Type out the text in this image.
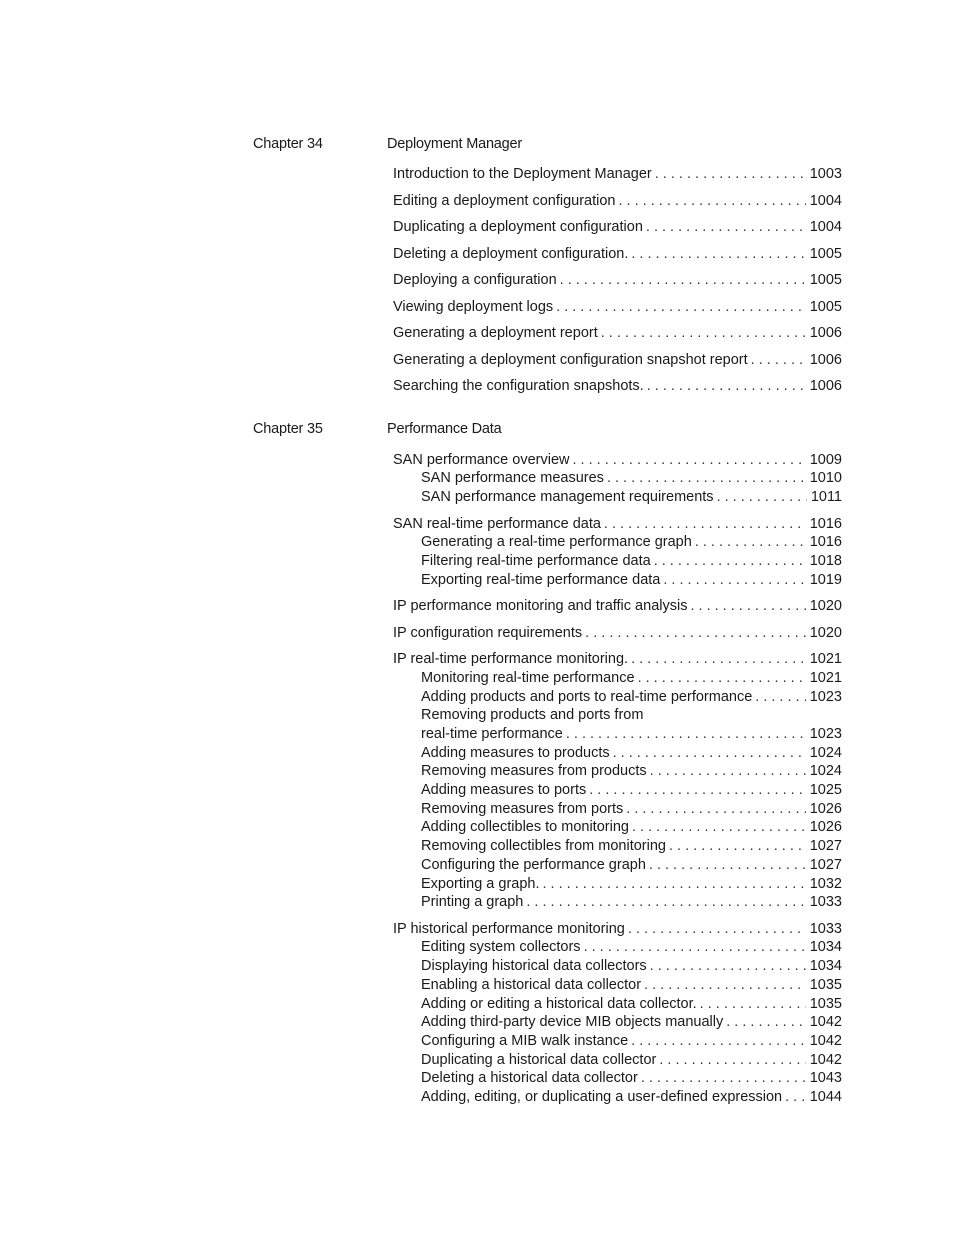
Chapter 34	Deployment Manager
Introduction to the Deployment Manager . . .	1003
Editing a deployment configuration . . .	1004
Duplicating a deployment configuration . . .	1004
Deleting a deployment configuration. . . .	1005
Deploying a configuration . . .	1005
Viewing deployment logs . . .	1005
Generating a deployment report . . .	1006
Generating a deployment configuration snapshot report . . .	1006
Searching the configuration snapshots. . . .	1006
Chapter 35	Performance Data
SAN performance overview . . .	1009
SAN performance measures . . .	1010
SAN performance management requirements . . .	1011
SAN real-time performance data . . .	1016
Generating a real-time performance graph . . .	1016
Filtering real-time performance data . . .	1018
Exporting real-time performance data . . .	1019
IP performance monitoring and traffic analysis . . .	1020
IP configuration requirements . . .	1020
IP real-time performance monitoring. . . .	1021
Monitoring real-time performance . . .	1021
Adding products and ports to real-time performance . . .	1023
Removing products and ports from
real-time performance . . .	1023
Adding measures to products . . .	1024
Removing measures from products . . .	1024
Adding measures to ports . . .	1025
Removing measures from ports . . .	1026
Adding collectibles to monitoring . . .	1026
Removing collectibles from monitoring . . .	1027
Configuring the performance graph . . .	1027
Exporting a graph. . . .	1032
Printing a graph . . .	1033
IP historical performance monitoring . . .	1033
Editing system collectors . . .	1034
Displaying historical data collectors . . .	1034
Enabling a historical data collector . . .	1035
Adding or editing a historical data collector. . . .	1035
Adding third-party device MIB objects manually . . .	1042
Configuring a MIB walk instance . . .	1042
Duplicating a historical data collector . . .	1042
Deleting a historical data collector . . .	1043
Adding, editing, or duplicating a user-defined expression . . . 1044
